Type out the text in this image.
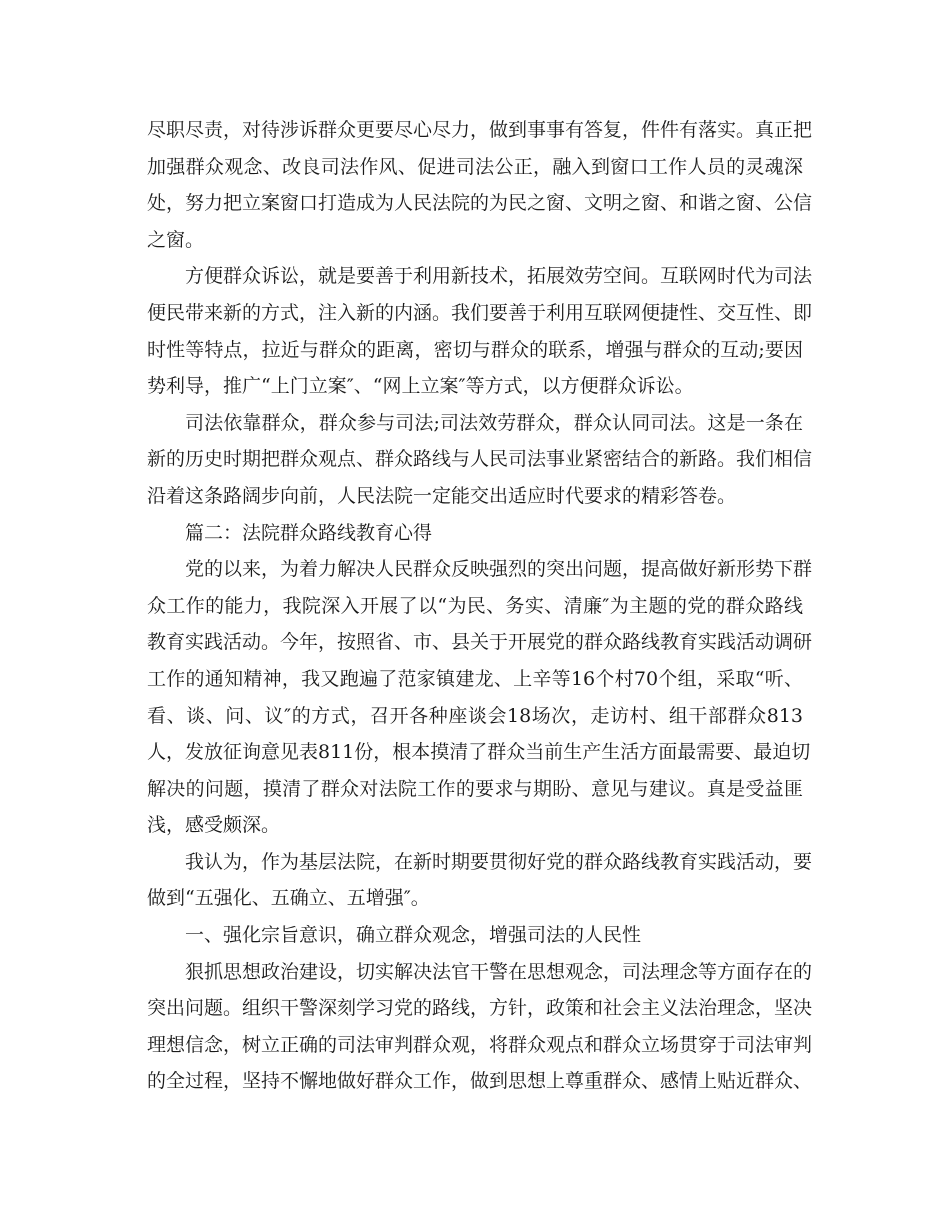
尽职尽责，对待涉诉群众更要尽心尽力，做到事事有答复，件件有落实。真正把
加强群众观念、改良司法作风、促进司法公正，融入到窗口工作人员的灵魂深
处，努力把立案窗口打造成为人民法院的为民之窗、文明之窗、和谐之窗、公信
之窗。
方便群众诉讼，就是要善于利用新技术，拓展效劳空间。互联网时代为司法
便民带来新的方式，注入新的内涵。我们要善于利用互联网便捷性、交互性、即
时性等特点，拉近与群众的距离，密切与群众的联系，增强与群众的互动;要因
势利导，推广“上门立案″、“网上立案″等方式，以方便群众诉讼。
司法依靠群众，群众参与司法;司法效劳群众，群众认同司法。这是一条在
新的历史时期把群众观点、群众路线与人民司法事业紧密结合的新路。我们相信
沿着这条路阔步向前，人民法院一定能交出适应时代要求的精彩答卷。
篇二：法院群众路线教育心得
党的以来，为着力解决人民群众反映强烈的突出问题，提高做好新形势下群
众工作的能力，我院深入开展了以“为民、务实、清廉″为主题的党的群众路线
教育实践活动。今年，按照省、市、县关于开展党的群众路线教育实践活动调研
工作的通知精神，我又跑遍了范家镇建龙、上辛等16个村70个组，采取“听、
看、谈、问、议″的方式，召开各种座谈会18场次，走访村、组干部群众813
人，发放征询意见表811份，根本摸清了群众当前生产生活方面最需要、最迫切
解决的问题，摸清了群众对法院工作的要求与期盼、意见与建议。真是受益匪
浅，感受颇深。
我认为，作为基层法院，在新时期要贯彻好党的群众路线教育实践活动，要
做到“五强化、五确立、五增强″。
一、强化宗旨意识，确立群众观念，增强司法的人民性
狠抓思想政治建设，切实解决法官干警在思想观念，司法理念等方面存在的
突出问题。组织干警深刻学习党的路线，方针，政策和社会主义法治理念，坚决
理想信念，树立正确的司法审判群众观，将群众观点和群众立场贯穿于司法审判
的全过程，坚持不懈地做好群众工作，做到思想上尊重群众、感情上贴近群众、
